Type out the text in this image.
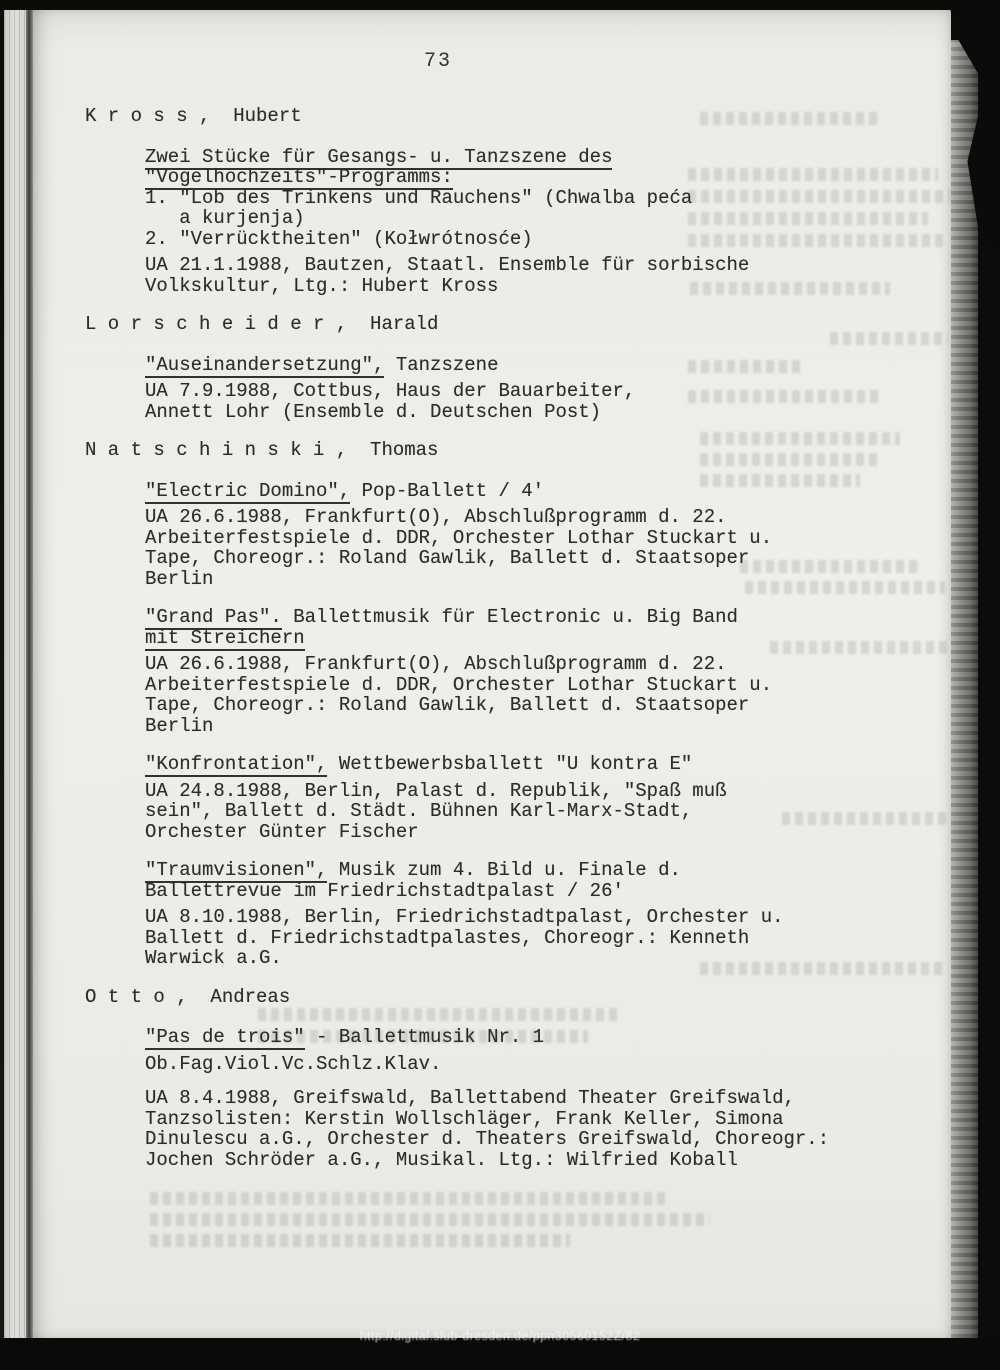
73
K r o s s ,  Hubert
Zwei Stücke für Gesangs- u. Tanzszene des
"Vogelhochzeits"-Programms:
1. "Lob des Trinkens und Rauchens" (Chwalba peća
a kurjenja)
2. "Verrücktheiten" (Kołwrótnosće)
UA 21.1.1988, Bautzen, Staatl. Ensemble für sorbische
Volkskultur, Ltg.: Hubert Kross
L o r s c h e i d e r ,  Harald
"Auseinandersetzung", Tanzszene
UA 7.9.1988, Cottbus, Haus der Bauarbeiter,
Annett Lohr (Ensemble d. Deutschen Post)
N a t s c h i n s k i ,  Thomas
"Electric Domino", Pop-Ballett / 4'
UA 26.6.1988, Frankfurt(O), Abschlußprogramm d. 22.
Arbeiterfestspiele d. DDR, Orchester Lothar Stuckart u.
Tape, Choreogr.: Roland Gawlik, Ballett d. Staatsoper
Berlin
"Grand Pas". Ballettmusik für Electronic u. Big Band
mit Streichern
UA 26.6.1988, Frankfurt(O), Abschlußprogramm d. 22.
Arbeiterfestspiele d. DDR, Orchester Lothar Stuckart u.
Tape, Choreogr.: Roland Gawlik, Ballett d. Staatsoper
Berlin
"Konfrontation", Wettbewerbsballett "U kontra E"
UA 24.8.1988, Berlin, Palast d. Republik, "Spaß muß
sein", Ballett d. Städt. Bühnen Karl-Marx-Stadt,
Orchester Günter Fischer
"Traumvisionen", Musik zum 4. Bild u. Finale d.
Ballettrevue im Friedrichstadtpalast / 26'
UA 8.10.1988, Berlin, Friedrichstadtpalast, Orchester u.
Ballett d. Friedrichstadtpalastes, Choreogr.: Kenneth
Warwick a.G.
O t t o ,  Andreas
"Pas de trois" - Ballettmusik Nr. 1
Ob.Fag.Viol.Vc.Schlz.Klav.
UA 8.4.1988, Greifswald, Ballettabend Theater Greifswald,
Tanzsolisten: Kerstin Wollschläger, Frank Keller, Simona
Dinulescu a.G., Orchester d. Theaters Greifswald, Choreogr.:
Jochen Schröder a.G., Musikal. Ltg.: Wilfried Koball
http://digital.slub-dresden.de/ppn30560152Z/82
